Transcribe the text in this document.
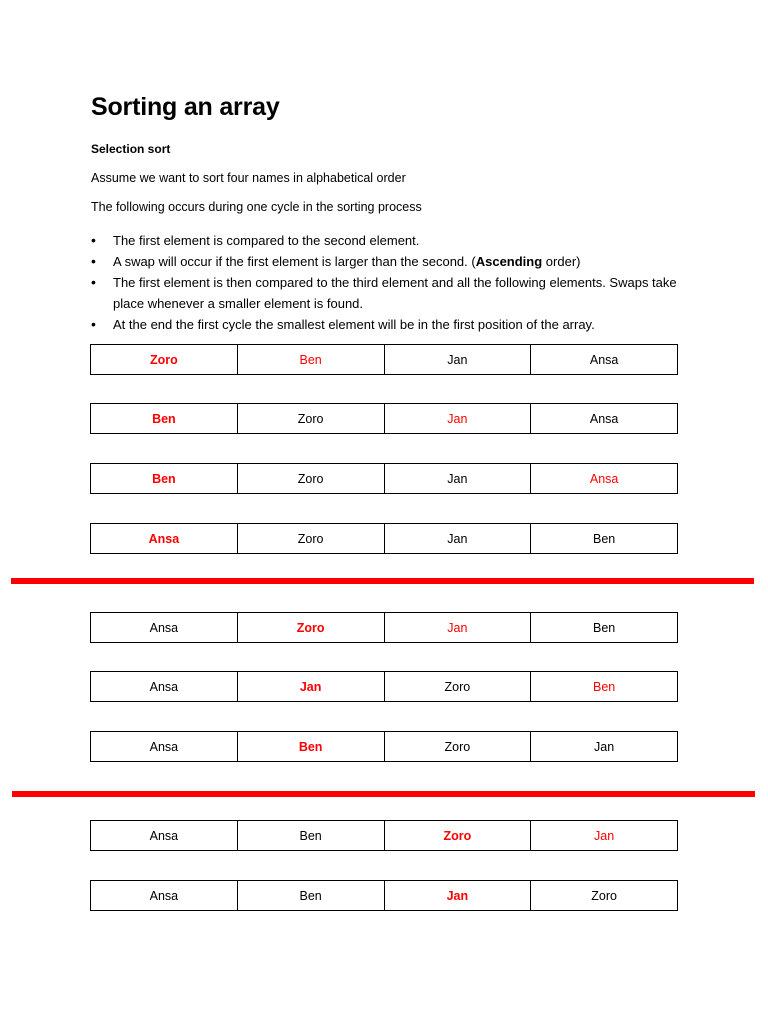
Sorting an array
Selection sort
Assume we want to sort four names in alphabetical order
The following occurs during one cycle in the sorting process
• The first element is compared to the second element.
• A swap will occur if the first element is larger than the second. (Ascending order)
• The first element is then compared to the third element and all the following elements. Swaps take place whenever a smaller element is found.
• At the end the first cycle the smallest element will be in the first position of the array.
Zoro	Ben	Jan	Ansa
Ben	Zoro	Jan	Ansa
Ben	Zoro	Jan	Ansa
Ansa	Zoro	Jan	Ben
Ansa	Zoro	Jan	Ben
Ansa	Jan	Zoro	Ben
Ansa	Ben	Zoro	Jan
Ansa	Ben	Zoro	Jan
Ansa	Ben	Jan	Zoro
